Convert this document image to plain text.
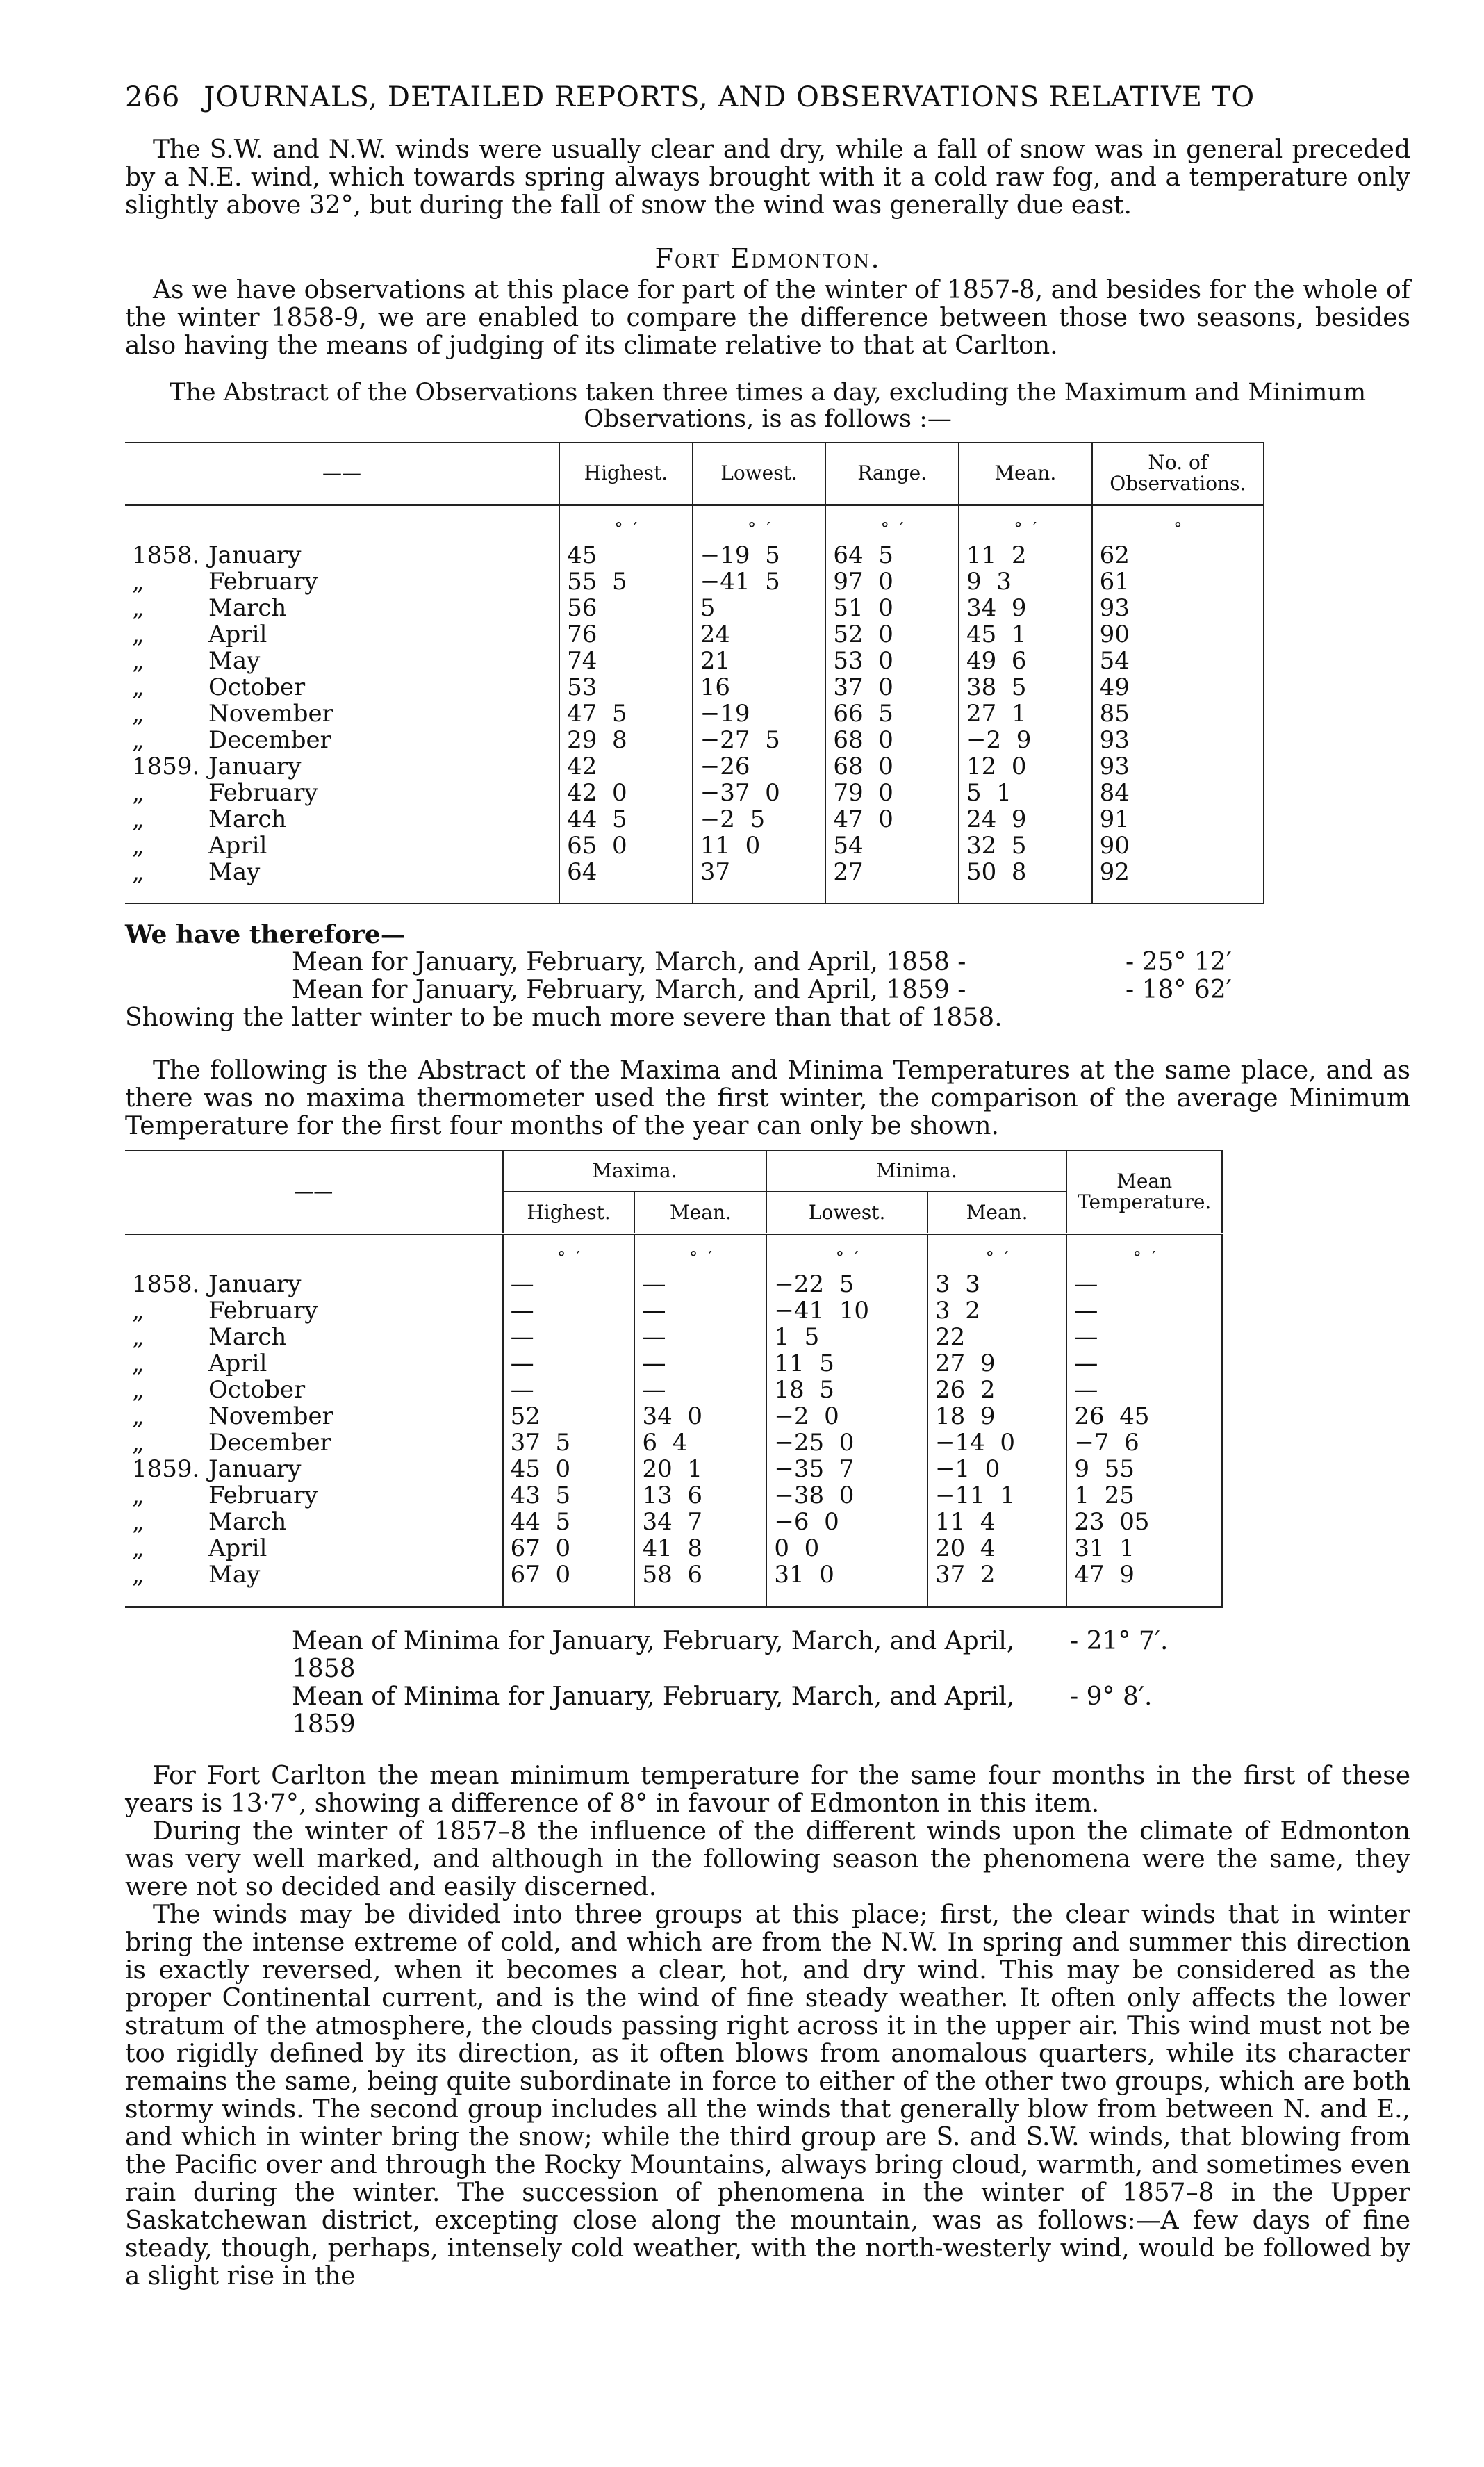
266 JOURNALS, DETAILED REPORTS, AND OBSERVATIONS RELATIVE TO

The S.W. and N.W. winds were usually clear and dry, while a fall of snow was in general preceded by a N.E. wind, which towards spring always brought with it a cold raw fog, and a temperature only slightly above 32°, but during the fall of snow the wind was generally due east.

Fort Edmonton.

As we have observations at this place for part of the winter of 1857-8, and besides for the whole of the winter 1858-9, we are enabled to compare the difference between those two seasons, besides also having the means of judging of its climate relative to that at Carlton.

The Abstract of the Observations taken three times a day, excluding the Maximum and Minimum Observations, is as follows :—
——	Highest.	Lowest.	Range.	Mean.	No. of Observations.
	°  ′	°  ′	°  ′	°  ′	°
1858. January	45	−19  5	64  5	11  2	62
„ February	55  5	−41  5	97  0	9  3	61
„ March	56	5	51  0	34  9	93
„ April	76	24	52  0	45  1	90
„ May	74	21	53  0	49  6	54
„ October	53	16	37  0	38  5	49
„ November	47  5	−19	66  5	27  1	85
„ December	29  8	−27  5	68  0	−2  9	93
1859. January	42	−26	68  0	12  0	93
„ February	42  0	−37  0	79  0	5  1	84
„ March	44  5	−2  5	47  0	24  9	91
„ April	65  0	11  0	54	32  5	90
„ May	64	37	27	50  8	92
We have therefore—
Mean for January, February, March, and April, 1858 -	- 25° 12′
Mean for January, February, March, and April, 1859 -	- 18° 62′
Showing the latter winter to be much more severe than that of 1858.

The following is the Abstract of the Maxima and Minima Temperatures at the same place, and as there was no maxima thermometer used the first winter, the comparison of the average Minimum Temperature for the first four months of the year can only be shown.

——	Maxima.		Minima.		Mean Temperature.
	Highest.	Mean.	Lowest.	Mean.	
	°  ′	°  ′	°  ′	°  ′	°  ′
1858. January	—	—	−22  5	3  3	—
„ February	—	—	−41  10	3  2	—
„ March	—	—	1  5	22	—
„ April	—	—	11  5	27  9	—
„ October	—	—	18  5	26  2	—
„ November	52	34  0	−2  0	18  9	26  45
„ December	37  5	6  4	−25  0	−14  0	−7  6
1859. January	45  0	20  1	−35  7	−1  0	9  55
„ February	43  5	13  6	−38  0	−11  1	1  25
„ March	44  5	34  7	−6  0	11  4	23  05
„ April	67  0	41  8	0  0	20  4	31  1
„ May	67  0	58  6	31  0	37  2	47  9
Mean of Minima for January, February, March, and April, 1858
- 21° 7′.
Mean of Minima for January, February, March, and April, 1859
- 9° 8′.

For Fort Carlton the mean minimum temperature for the same four months in the first of these years is 13·7°, showing a difference of 8° in favour of Edmonton in this item.

During the winter of 1857–8 the influence of the different winds upon the climate of Edmonton was very well marked, and although in the following season the phenomena were the same, they were not so decided and easily discerned.

The winds may be divided into three groups at this place; first, the clear winds that in winter bring the intense extreme of cold, and which are from the N.W. In spring and summer this direction is exactly reversed, when it becomes a clear, hot, and dry wind. This may be considered as the proper Continental current, and is the wind of fine steady weather. It often only affects the lower stratum of the atmosphere, the clouds passing right across it in the upper air. This wind must not be too rigidly defined by its direction, as it often blows from anomalous quarters, while its character remains the same, being quite subordinate in force to either of the other two groups, which are both stormy winds. The second group includes all the winds that generally blow from between N. and E., and which in winter bring the snow; while the third group are S. and S.W. winds, that blowing from the Pacific over and through the Rocky Mountains, always bring cloud, warmth, and sometimes even rain during the winter. The succession of phenomena in the winter of 1857–8 in the Upper Saskatchewan district, excepting close along the mountain, was as follows:—A few days of fine steady, though, perhaps, intensely cold weather, with the north-westerly wind, would be followed by a slight rise in the
